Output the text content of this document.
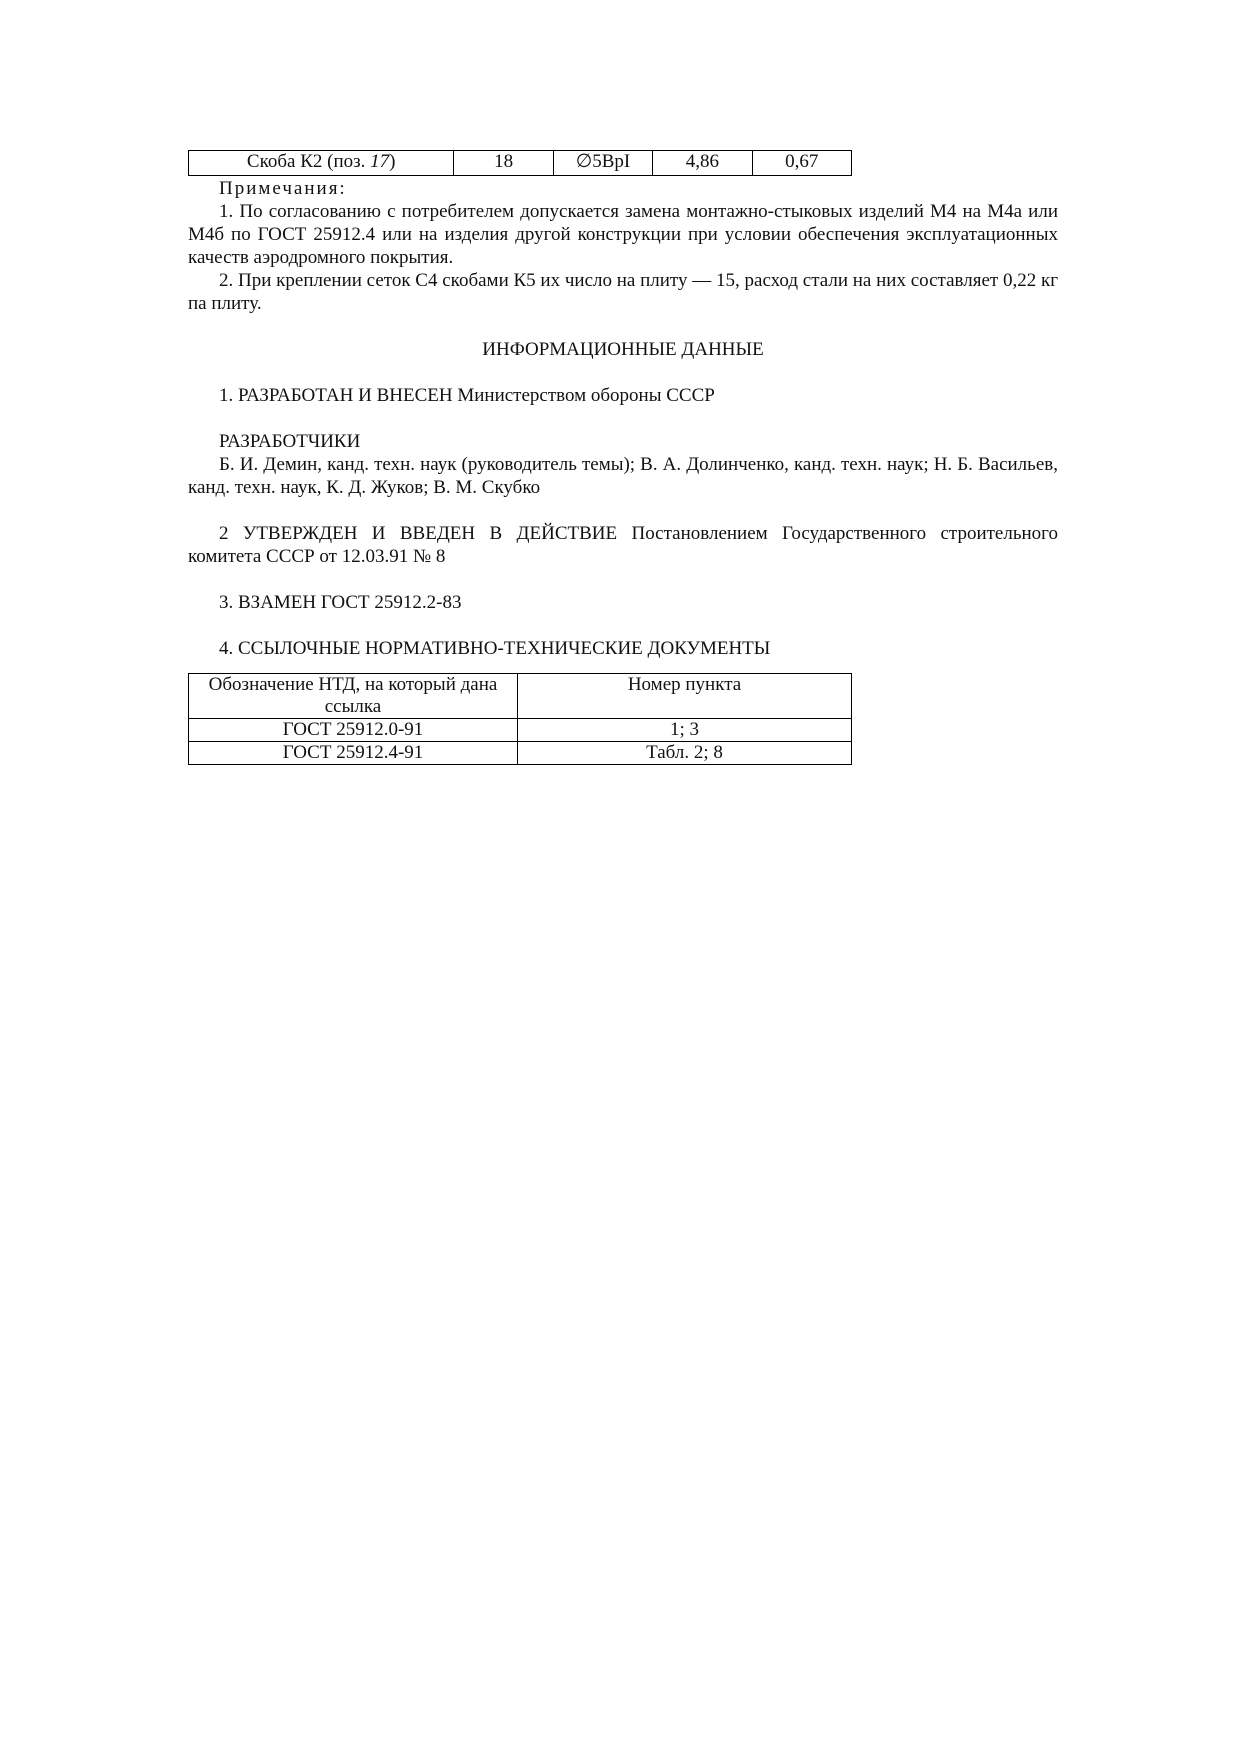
Скоба К2 (поз. 17)	18	∅5ВрI	4,86	0,67
Примечания:

1. По согласованию с потребителем допускается замена монтажно-стыковых изделий М4 на М4а или М4б по ГОСТ 25912.4 или на изделия другой конструкции при условии обеспечения эксплуатационных качеств аэродромного покрытия.

2. При креплении сеток С4 скобами К5 их число на плиту — 15, расход стали на них составляет 0,22 кг па плиту.

ИНФОРМАЦИОННЫЕ ДАННЫЕ
1. РАЗРАБОТАН И ВНЕСЕН Министерством обороны СССР
РАЗРАБОТЧИКИ

Б. И. Демин, канд. техн. наук (руководитель темы); В. А. Долинченко, канд. техн. наук; Н. Б. Васильев, канд. техн. наук, К. Д. Жуков; В. М. Скубко

2 УТВЕРЖДЕН И ВВЕДЕН В ДЕЙСТВИЕ Постановлением Государственного строительного комитета СССР от 12.03.91 № 8

3. ВЗАМЕН ГОСТ 25912.2-83
4. ССЫЛОЧНЫЕ НОРМАТИВНО-ТЕХНИЧЕСКИЕ ДОКУМЕНТЫ
Обозначение НТД, на который дана ссылка	Номер пункта
ГОСТ 25912.0-91	1; 3
ГОСТ 25912.4-91	Табл. 2; 8
